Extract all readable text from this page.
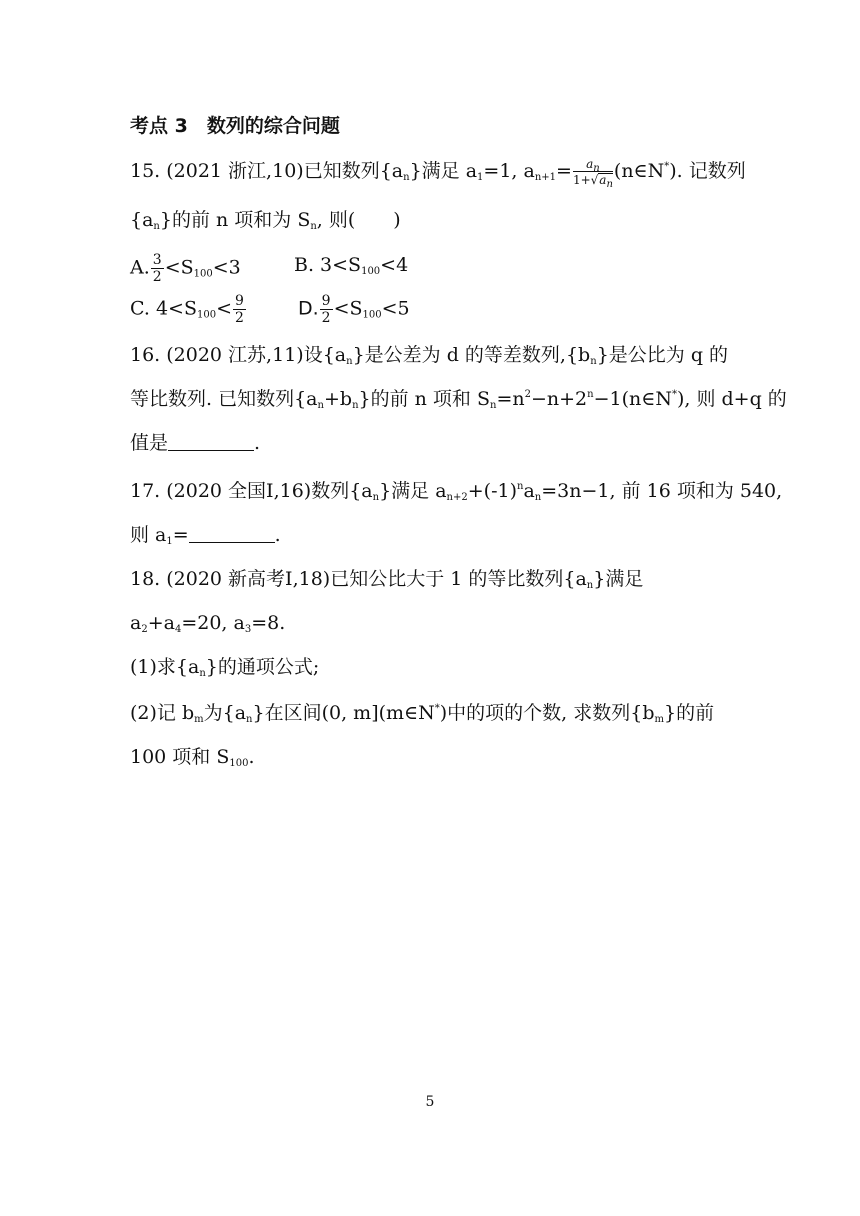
考点 3　数列的综合问题
15. (2021 浙江,10)已知数列$\{a_n\}$满足 $a_1=1$, $a_{n+1}= \frac{a_n}{1+√a_n}$ (n∈N*). 记数列
$\{a_n\}$的前 n 项和为 $S_n$, 则(　　)
A. $\frac{3}{2} <S_{100}<3$	B. $3<S_{100}<4$
C. $4<S_{100}< \frac{9}{2}$	D. $\frac{9}{2} <S_{100}<5$
16. (2020 江苏,11)设$\{a_n\}$是公差为 d 的等差数列$,\{b_n\}$是公比为 q 的
等比数列. 已知数列$\{a_n+b_n\}$的前 n 项和 $S_n=n^2-n+2^n-1(n\in N^*)$, 则 d+q 的
值是	.
17. (2020 全国Ⅰ,16)数列$\{a_n\}$满足 $a_{n+2}+(-1)^na_n=3n-1$, 前 16 项和为 540,
则 $a_1=$	.
18. (2020 新高考Ⅰ,18)已知公比大于 1 的等比数列$\{a_n\}$满足
$a_2+a_4=20$, $a_3=8$.
(1)求$\{a_n\}$的通项公式;
(2)记 $b_m$为$\{a_n\}$在区间(0, m](m∈N*)中的项的个数, 求数列$\{b_m\}$的前
100 项和 $S_{100}$.
5
